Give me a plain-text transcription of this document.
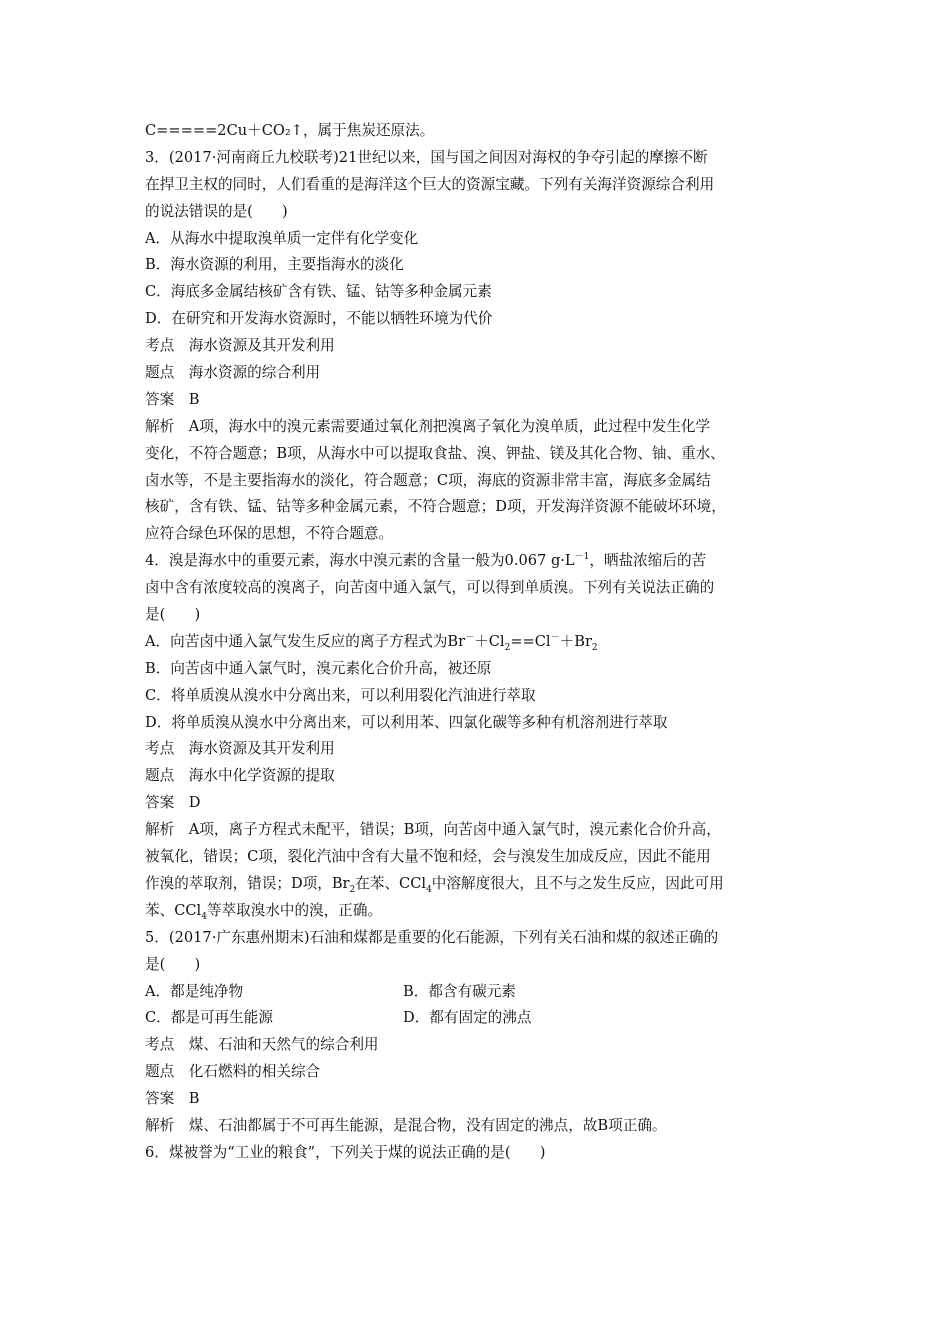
C=====2Cu＋CO₂↑，属于焦炭还原法。
3．(2017·河南商丘九校联考)21世纪以来，国与国之间因对海权的争夺引起的摩擦不断
在捍卫主权的同时，人们看重的是海洋这个巨大的资源宝藏。下列有关海洋资源综合利用
的说法错误的是(　　)
A．从海水中提取溴单质一定伴有化学变化
B．海水资源的利用，主要指海水的淡化
C．海底多金属结核矿含有铁、锰、钴等多种金属元素
D．在研究和开发海水资源时，不能以牺牲环境为代价
考点　海水资源及其开发利用
题点　海水资源的综合利用
答案　B
解析　A项，海水中的溴元素需要通过氧化剂把溴离子氧化为溴单质，此过程中发生化学
变化，不符合题意；B项，从海水中可以提取食盐、溴、钾盐、镁及其化合物、铀、重水、
卤水等，不是主要指海水的淡化，符合题意；C项，海底的资源非常丰富，海底多金属结
核矿，含有铁、锰、钴等多种金属元素，不符合题意；D项，开发海洋资源不能破坏环境，
应符合绿色环保的思想，不符合题意。
4．溴是海水中的重要元素，海水中溴元素的含量一般为0.067 $g\cdot L^{-1}$，晒盐浓缩后的苦
卤中含有浓度较高的溴离子，向苦卤中通入氯气，可以得到单质溴。下列有关说法正确的
是(　　)
A．向苦卤中通入氯气发生反应的离子方程式为$Br^-+Cl_2==Cl^-+Br_2$
B．向苦卤中通入氯气时，溴元素化合价升高，被还原
C．将单质溴从溴水中分离出来，可以利用裂化汽油进行萃取
D．将单质溴从溴水中分离出来，可以利用苯、四氯化碳等多种有机溶剂进行萃取
考点　海水资源及其开发利用
题点　海水中化学资源的提取
答案　D
解析　A项，离子方程式未配平，错误；B项，向苦卤中通入氯气时，溴元素化合价升高，
被氧化，错误；C项，裂化汽油中含有大量不饱和烃，会与溴发生加成反应，因此不能用
作溴的萃取剂，错误；D项，$Br_2$在苯、CCl$_4$中溶解度很大，且不与之发生反应，因此可用
苯、CCl$_4$等萃取溴水中的溴，正确。
5．(2017·广东惠州期末)石油和煤都是重要的化石能源，下列有关石油和煤的叙述正确的
是(　　)
A．都是纯净物	B．都含有碳元素
C．都是可再生能源	D．都有固定的沸点
考点　煤、石油和天然气的综合利用
题点　化石燃料的相关综合
答案　B
解析　煤、石油都属于不可再生能源，是混合物，没有固定的沸点，故B项正确。
6．煤被誉为“工业的粮食”，下列关于煤的说法正确的是(　　)
